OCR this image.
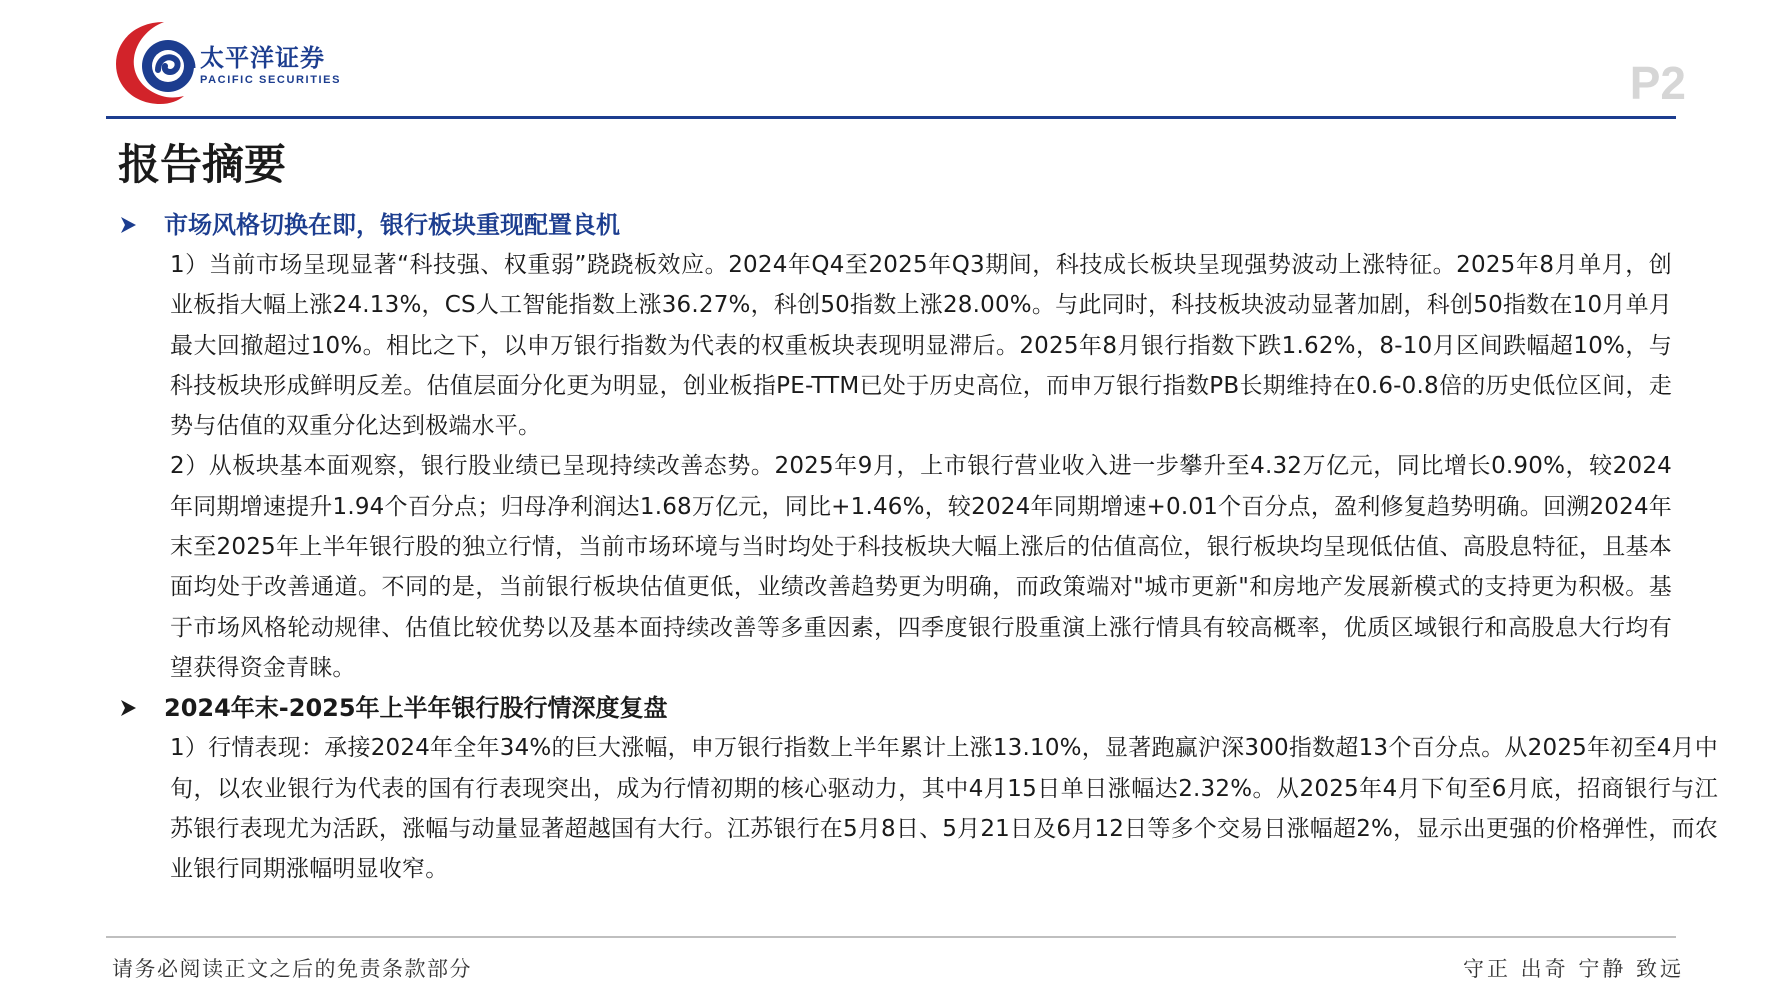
太平洋证券
PACIFIC SECURITIES	P2
报告摘要
市场风格切换在即，银行板块重现配置良机
1）当前市场呈现显著“科技强、权重弱”跷跷板效应。2024年Q4至2025年Q3期间，科技成长板块呈现强势波动上涨特征。2025年8月单月，创业板指大幅上涨24.13%，CS人工智能指数上涨36.27%，科创50指数上涨28.00%。与此同时，科技板块波动显著加剧，科创50指数在10月单月最大回撤超过10%。相比之下，以申万银行指数为代表的权重板块表现明显滞后。2025年8月银行指数下跌1.62%，8-10月区间跌幅超10%，与科技板块形成鲜明反差。估值层面分化更为明显，创业板指PE-TTM已处于历史高位，而申万银行指数PB长期维持在0.6-0.8倍的历史低位区间，走势与估值的双重分化达到极端水平。
2）从板块基本面观察，银行股业绩已呈现持续改善态势。2025年9月，上市银行营业收入进一步攀升至4.32万亿元，同比增长0.90%，较2024年同期增速提升1.94个百分点；归母净利润达1.68万亿元，同比+1.46%，较2024年同期增速+0.01个百分点，盈利修复趋势明确。回溯2024年末至2025年上半年银行股的独立行情，当前市场环境与当时均处于科技板块大幅上涨后的估值高位，银行板块均呈现低估值、高股息特征，且基本面均处于改善通道。不同的是，当前银行板块估值更低，业绩改善趋势更为明确，而政策端对"城市更新"和房地产发展新模式的支持更为积极。基于市场风格轮动规律、估值比较优势以及基本面持续改善等多重因素，四季度银行股重演上涨行情具有较高概率，优质区域银行和高股息大行均有望获得资金青睐。
2024年末-2025年上半年银行股行情深度复盘
1）行情表现：承接2024年全年34%的巨大涨幅，申万银行指数上半年累计上涨13.10%，显著跑赢沪深300指数超13个百分点。从2025年初至4月中旬，以农业银行为代表的国有行表现突出，成为行情初期的核心驱动力，其中4月15日单日涨幅达2.32%。从2025年4月下旬至6月底，招商银行与江苏银行表现尤为活跃，涨幅与动量显著超越国有大行。江苏银行在5月8日、5月21日及6月12日等多个交易日涨幅超2%，显示出更强的价格弹性，而农业银行同期涨幅明显收窄。
请务必阅读正文之后的免责条款部分	守正 出奇 宁静 致远
